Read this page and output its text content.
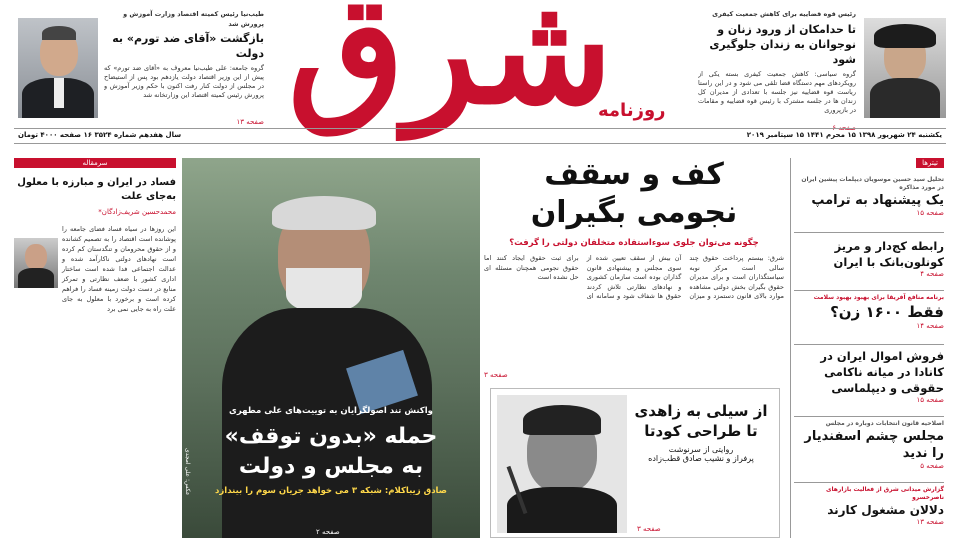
رئیس قوه قضاییه برای کاهش جمعیت کیفری
تا حدامکان از ورود زنان و نوجوانان به زندان جلوگیری شود
گروه سیاسی: کاهش جمعیت کیفری بسته یکی از رویکردهای مهم دستگاه قضا تلقی می شود و در این راستا ریاست قوه قضاییه نیز جلسه با تعدادی از مدیران کل زندان ها در جلسه مشترک با رئیس قوه قضاییه و مقامات در بازپروری
صفحه ۶
شرق
روزنامه
طیب‌نیا رئیس کمیته اقتصاد وزارت آموزش و پرورش شد
بازگشت «آقای ضد تورم» به دولت
گروه جامعه: علی طیب‌نیا معروف به «آقای ضد تورم» که پیش از این وزیر اقتصاد دولت یازدهم بود پس از استیضاح در مجلس از دولت کنار رفت اکنون با حکم وزیر آموزش و پرورش رئیس کمیته اقتصاد این وزارتخانه شد
صفحه ۱۳
یکشنبه ۲۴ شهریور ۱۳۹۸ ۱۵ محرم ۱۴۴۱ ۱۵ سپتامبر ۲۰۱۹
سال هفدهم شماره ۳۵۲۴ ۱۶ صفحه ۴۰۰۰ تومان
تیترها
تحلیل سید حسین موسویان دیپلمات پیشین ایران در مورد مذاکره
یک پیشنهاد به ترامپ
صفحه ۱۵
رابطه کج‌دار و مریز کونلون‌بانک با ایران
صفحه ۴
برنامه منافع آفریقا برای بهبود بهبود سلامت
فقط ۱۶۰۰ زن؟
صفحه ۱۴
فروش اموال ایران در کانادا در میانه ناکامی حقوقی و دیپلماسی
صفحه ۱۵
اصلاحیه قانون انتخابات دوباره در مجلس
مجلس چشم اسفندیار را ندید
صفحه ۵
گزارش میدانی شرق از فعالیت بازارهای ناصرخسرو
دلالان مشغول کارند
صفحه ۱۳
کف و سقف
نجومی بگیران
چگونه می‌توان جلوی سوءاستفاده متخلفان دولتی را گرفت؟
شرق: بیستم پرداخت حقوق چند سالی است مرکز نوبه سیاستگذاران است و برای مدیران حقوق بگیران بخش دولتی مشاهده موارد بالای قانون دستمزد و میزان آن بیش از سقف تعیین شده از سوی مجلس و پیشنهادی قانون گذاران بوده است سازمان کشوری و نهادهای نظارتی تلاش کردند حقوق ها شفاف شود و سامانه ای برای ثبت حقوق ایجاد کنند اما حقوق نجومی همچنان مسئله ای حل نشده است
صفحه ۳
از سیلی به زاهدی تا طراحی کودتا
روایتی از سرنوشت
پرفراز و نشیب صادق قطب‌زاده
صفحه ۳
واکنش تند اصولگرایان به توییت‌های علی مطهری
حمله «بدون توقف»
به مجلس و دولت
صادق زیباکلام: شبکه ۳ می خواهد جریان سوم را بیندازد
عکس: علی امجدی
صفحه ۲
سرمقاله
فساد در ایران و مبارزه با معلول به‌جای علت
محمدحسین شریف‌زادگان*
این روزها در سیاه فساد فضای جامعه را پوشانده است اقتصاد را به تصمیم کشانده و از حقوق محرومان و تنگدستان کم کرده است نهادهای دولتی ناکارآمد شده و عدالت اجتماعی فدا شده است ساختار اداری کشور با ضعف نظارتی و تمرکز منابع در دست دولت زمینه فساد را فراهم کرده است و برخورد با معلول به جای علت راه به جایی نمی برد
